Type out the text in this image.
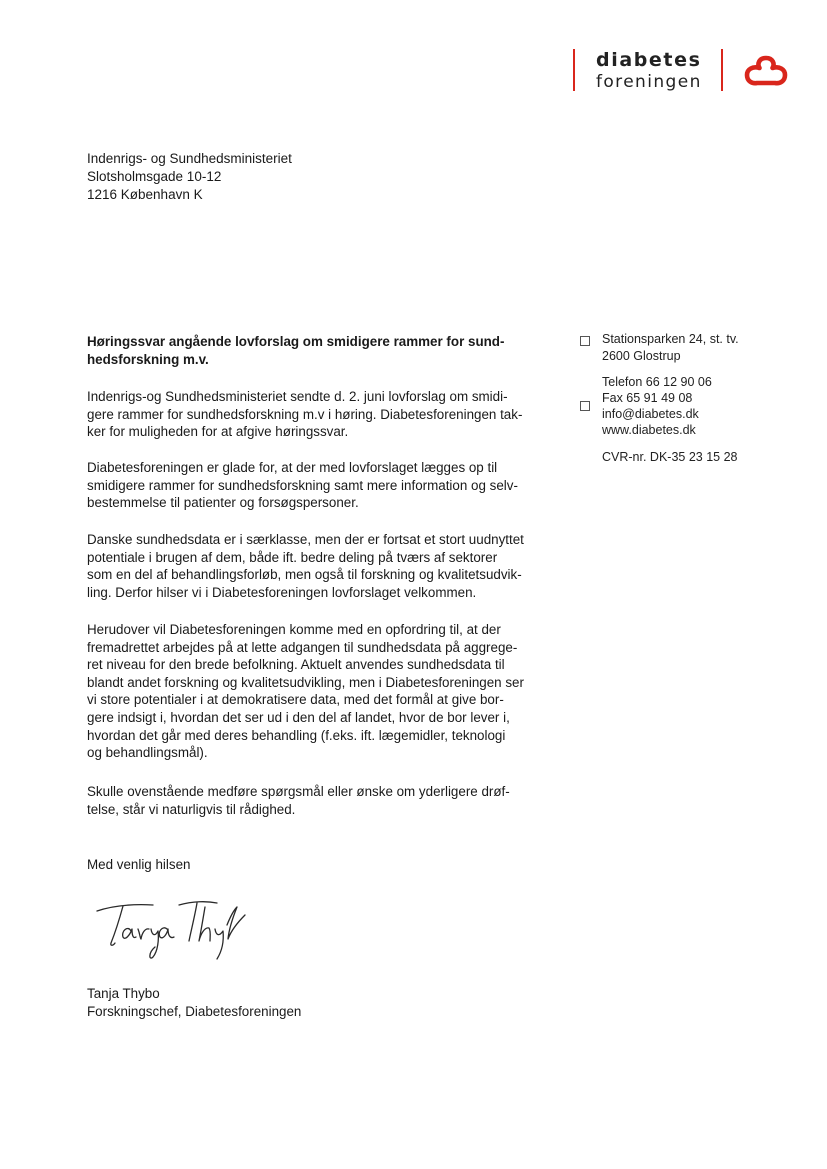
diabetes
foreningen
Indenrigs- og Sundhedsministeriet
Slotsholmsgade 10-12
1216 København K
Stationsparken 24, st. tv.
2600 Glostrup
Telefon 66 12 90 06
Fax 65 91 49 08
info@diabetes.dk
www.diabetes.dk
CVR-nr. DK-35 23 15 28
Høringssvar angående lovforslag om smidigere rammer for sund-
hedsforskning m.v.
Indenrigs-og Sundhedsministeriet sendte d. 2. juni lovforslag om smidi-
gere rammer for sundhedsforskning m.v i høring. Diabetesforeningen tak-
ker for muligheden for at afgive høringssvar.
Diabetesforeningen er glade for, at der med lovforslaget lægges op til
smidigere rammer for sundhedsforskning samt mere information og selv-
bestemmelse til patienter og forsøgspersoner.
Danske sundhedsdata er i særklasse, men der er fortsat et stort uudnyttet
potentiale i brugen af dem, både ift. bedre deling på tværs af sektorer
som en del af behandlingsforløb, men også til forskning og kvalitetsudvik-
ling. Derfor hilser vi i Diabetesforeningen lovforslaget velkommen.
Herudover vil Diabetesforeningen komme med en opfordring til, at der
fremadrettet arbejdes på at lette adgangen til sundhedsdata på aggrege-
ret niveau for den brede befolkning. Aktuelt anvendes sundhedsdata til
blandt andet forskning og kvalitetsudvikling, men i Diabetesforeningen ser
vi store potentialer i at demokratisere data, med det formål at give bor-
gere indsigt i, hvordan det ser ud i den del af landet, hvor de bor lever i,
hvordan det går med deres behandling (f.eks. ift. lægemidler, teknologi
og behandlingsmål).
Skulle ovenstående medføre spørgsmål eller ønske om yderligere drøf-
telse, står vi naturligvis til rådighed.
Med venlig hilsen
Tanja Thybo
Forskningschef, Diabetesforeningen
